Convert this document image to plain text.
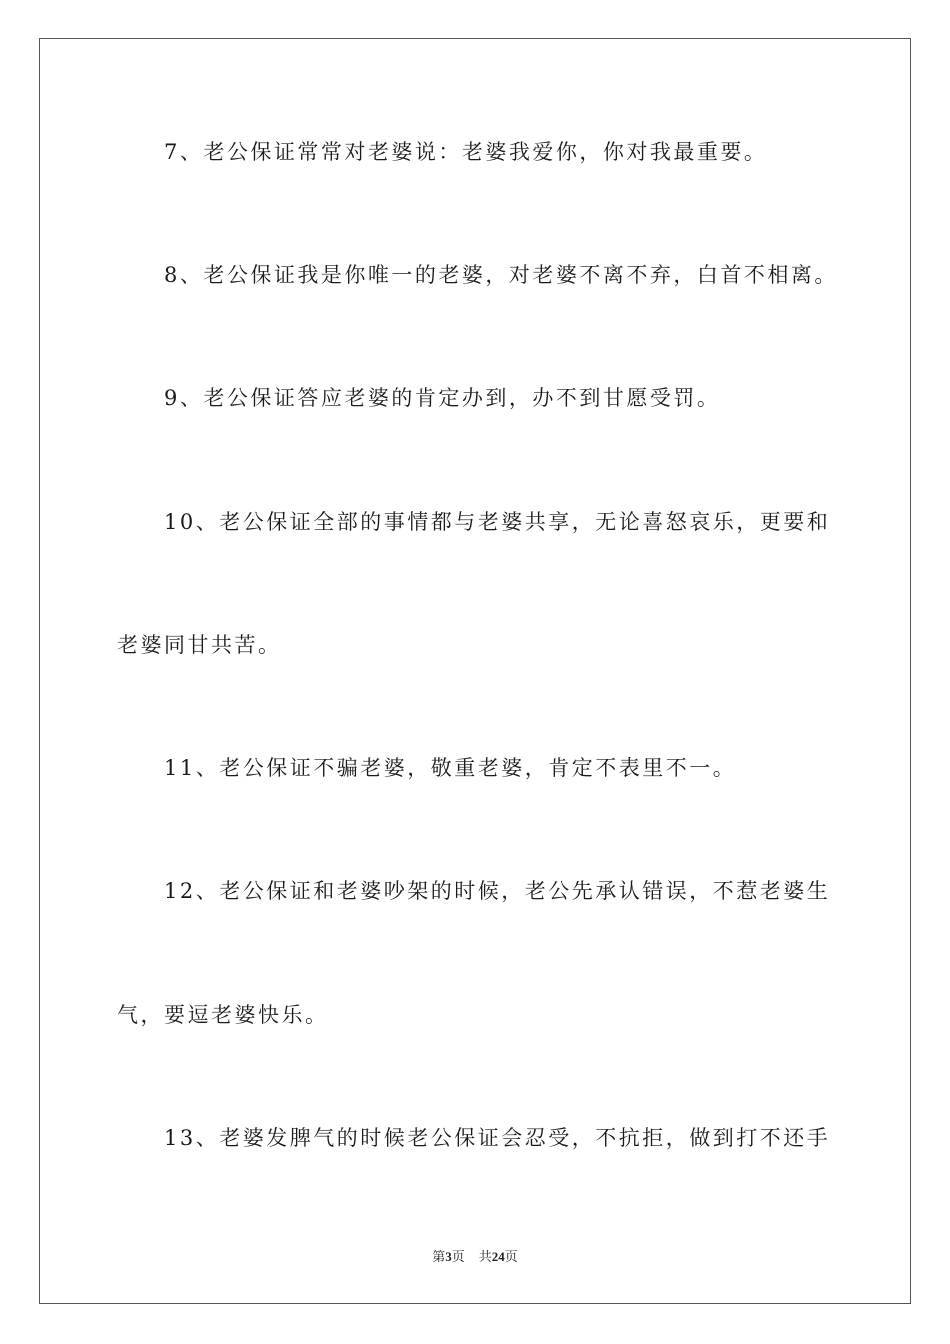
　　7、老公保证常常对老婆说：老婆我爱你，你对我最重要。
　　8、老公保证我是你唯一的老婆，对老婆不离不弃，白首不相离。
　　9、老公保证答应老婆的肯定办到，办不到甘愿受罚。
　　10、老公保证全部的事情都与老婆共享，无论喜怒哀乐，更要和
老婆同甘共苦。
　　11、老公保证不骗老婆，敬重老婆，肯定不表里不一。
　　12、老公保证和老婆吵架的时候，老公先承认错误，不惹老婆生
气，要逗老婆快乐。
　　13、老婆发脾气的时候老公保证会忍受，不抗拒，做到打不还手
第3页 共24页
